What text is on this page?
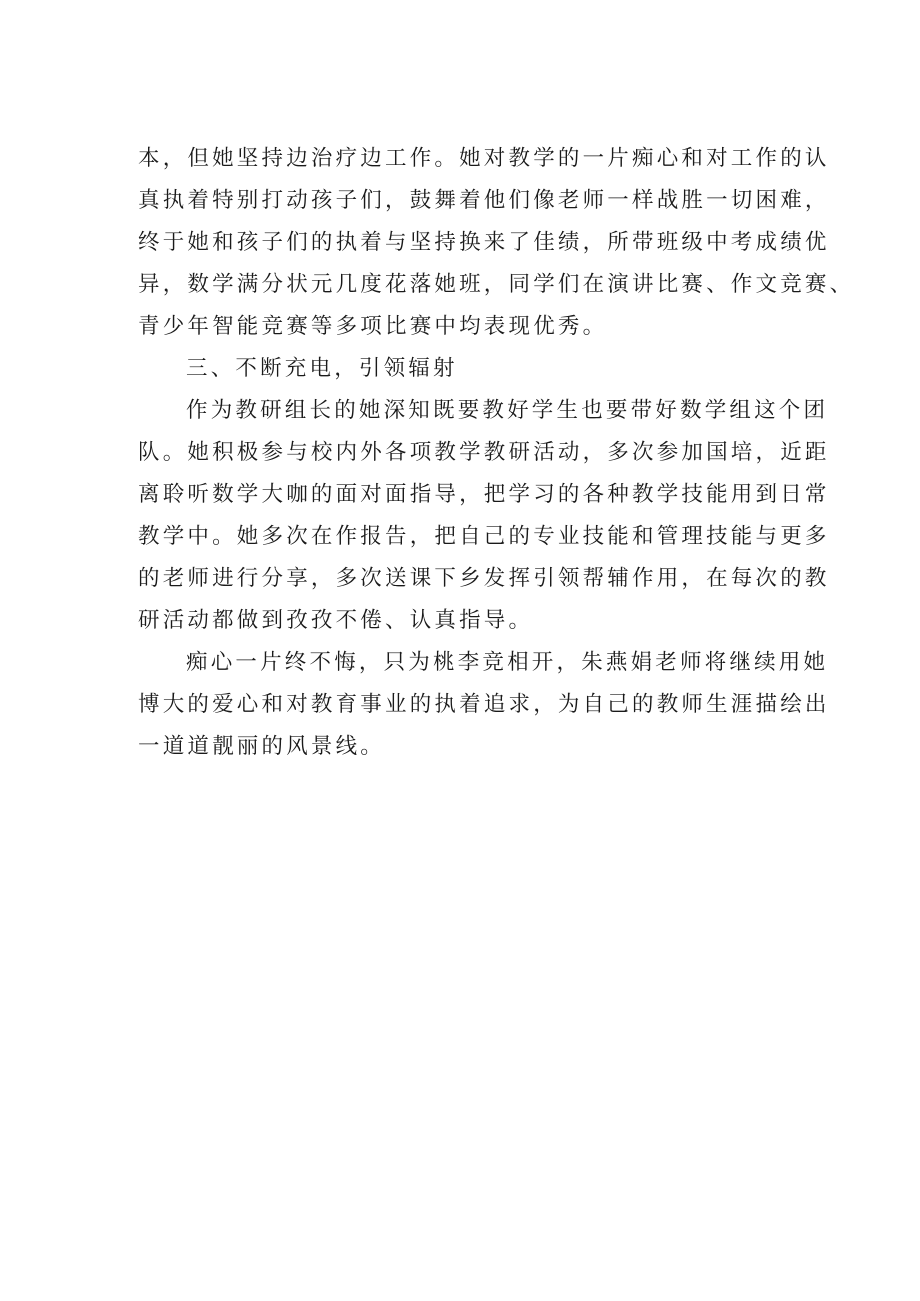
本，但她坚持边治疗边工作。她对教学的一片痴心和对工作的认
真执着特别打动孩子们，鼓舞着他们像老师一样战胜一切困难，
终于她和孩子们的执着与坚持换来了佳绩，所带班级中考成绩优
异，数学满分状元几度花落她班，同学们在演讲比赛、作文竞赛、
青少年智能竞赛等多项比赛中均表现优秀。
三、不断充电，引领辐射
作为教研组长的她深知既要教好学生也要带好数学组这个团
队。她积极参与校内外各项教学教研活动，多次参加国培，近距
离聆听数学大咖的面对面指导，把学习的各种教学技能用到日常
教学中。她多次在作报告，把自己的专业技能和管理技能与更多
的老师进行分享，多次送课下乡发挥引领帮辅作用，在每次的教
研活动都做到孜孜不倦、认真指导。
痴心一片终不悔，只为桃李竞相开，朱燕娟老师将继续用她
博大的爱心和对教育事业的执着追求，为自己的教师生涯描绘出
一道道靓丽的风景线。
